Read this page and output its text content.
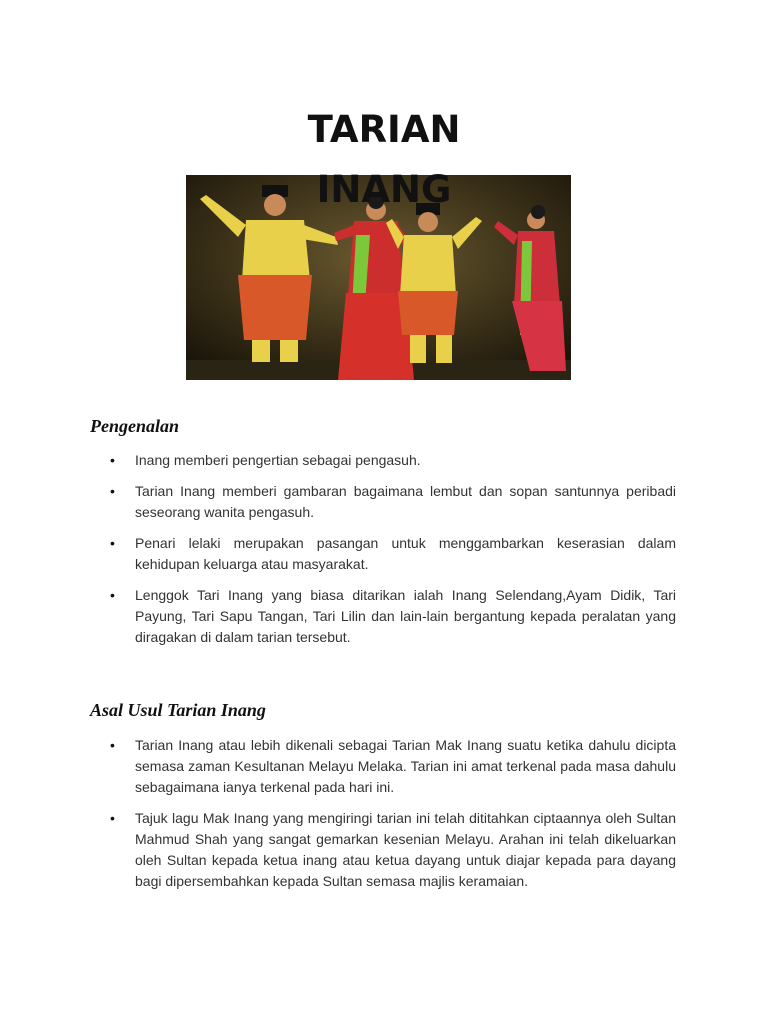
TARIAN
INANG
Pengenalan
• Inang memberi pengertian sebagai pengasuh.
• Tarian Inang memberi gambaran bagaimana lembut dan sopan santunnya peribadi seseorang wanita pengasuh.
• Penari lelaki merupakan pasangan untuk menggambarkan keserasian dalam kehidupan keluarga atau masyarakat.
• Lenggok Tari Inang yang biasa ditarikan ialah Inang Selendang,Ayam Didik, Tari Payung, Tari Sapu Tangan, Tari Lilin dan lain-lain bergantung kepada peralatan yang diragakan di dalam tarian tersebut.
Asal Usul Tarian Inang
• Tarian Inang atau lebih dikenali sebagai Tarian Mak Inang suatu ketika dahulu dicipta semasa zaman Kesultanan Melayu Melaka. Tarian ini amat terkenal pada masa dahulu sebagaimana ianya terkenal pada hari ini.
• Tajuk lagu Mak Inang yang mengiringi tarian ini telah dititahkan ciptaannya oleh Sultan Mahmud Shah yang sangat gemarkan kesenian Melayu. Arahan ini telah dikeluarkan oleh Sultan kepada ketua inang atau ketua dayang untuk diajar kepada para dayang bagi dipersembahkan kepada Sultan semasa majlis keramaian.
